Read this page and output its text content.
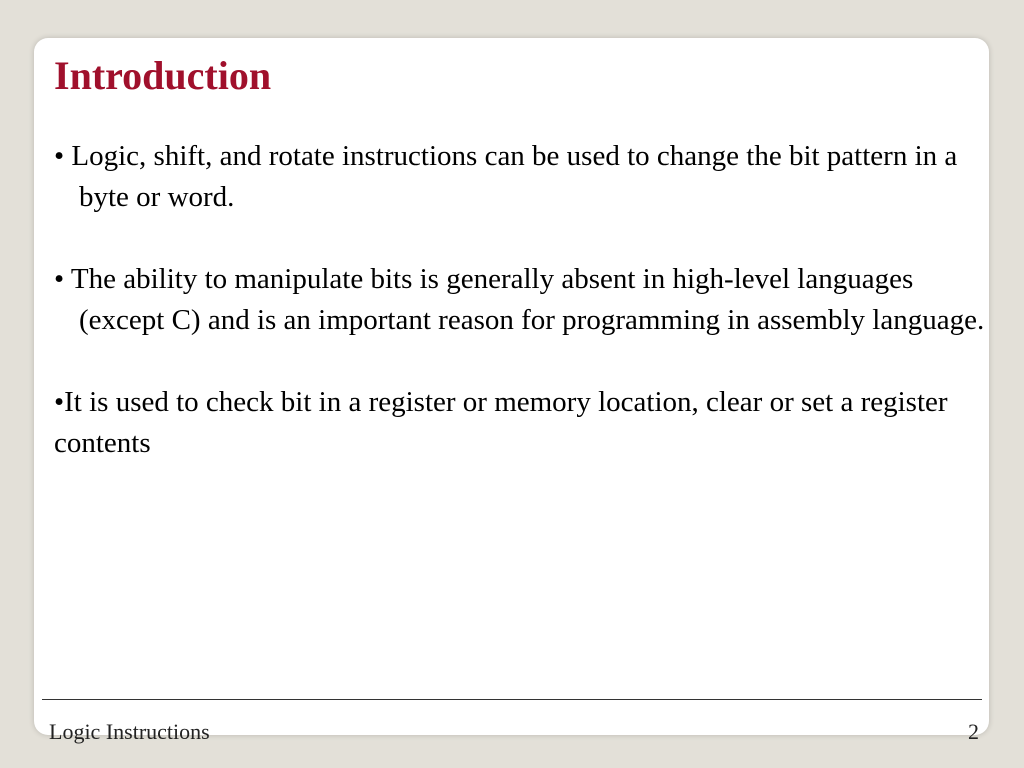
Introduction

• Logic, shift, and rotate instructions can be used to change the bit pattern in a byte or word.

• The ability to manipulate bits is generally absent in high-level languages (except C) and is an important reason for programming in assembly language.

•It is used to check bit in a register or memory location, clear or set a register contents

Logic Instructions	2
